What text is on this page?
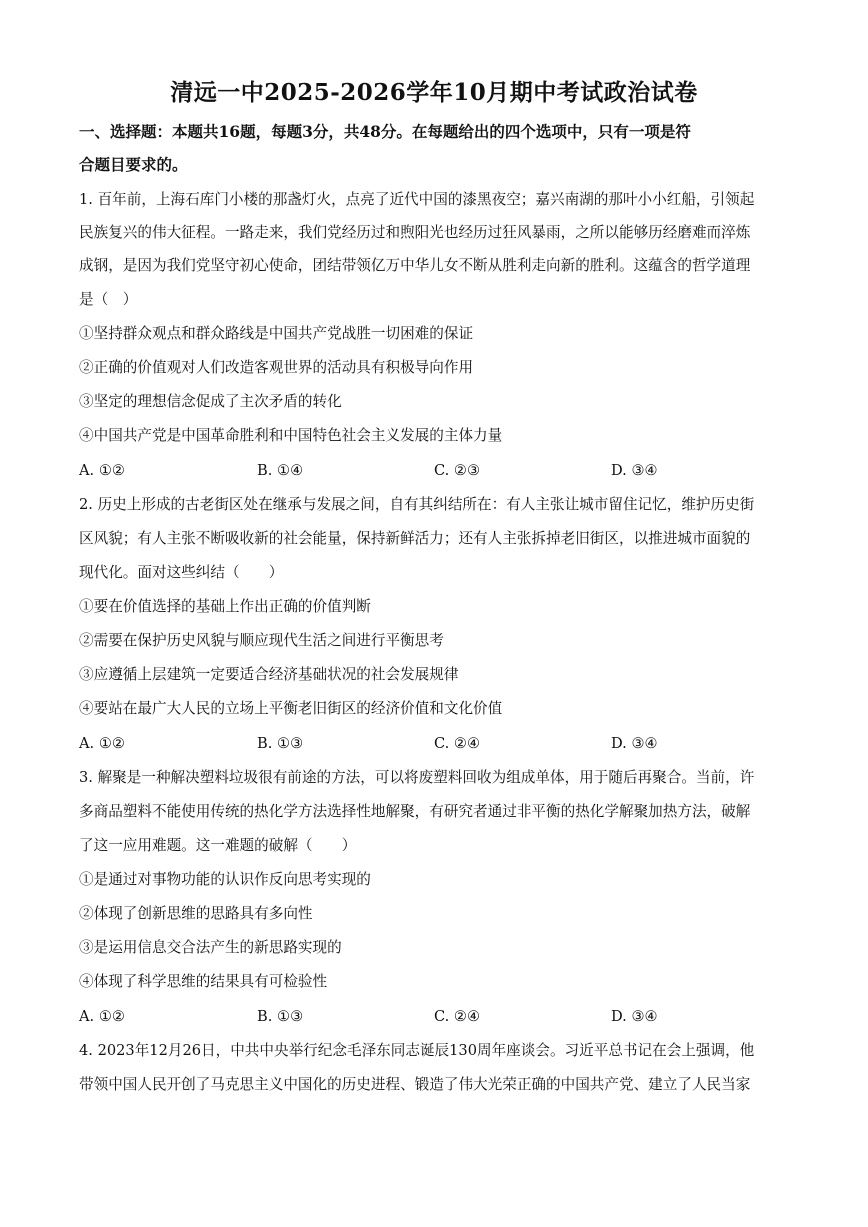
清远一中2025-2026学年10月期中考试政治试卷
一、选择题：本题共16题，每题3分，共48分。在每题给出的四个选项中，只有一项是符
合题目要求的。
1. 百年前，上海石库门小楼的那盏灯火，点亮了近代中国的漆黑夜空；嘉兴南湖的那叶小小红船，引领起
民族复兴的伟大征程。一路走来，我们党经历过和煦阳光也经历过狂风暴雨，之所以能够历经磨难而淬炼
成钢，是因为我们党坚守初心使命，团结带领亿万中华儿女不断从胜利走向新的胜利。这蕴含的哲学道理
是（　）
①坚持群众观点和群众路线是中国共产党战胜一切困难的保证
②正确的价值观对人们改造客观世界的活动具有积极导向作用
③坚定的理想信念促成了主次矛盾的转化
④中国共产党是中国革命胜利和中国特色社会主义发展的主体力量
A. ①②	B. ①④	C. ②③	D. ③④
2. 历史上形成的古老街区处在继承与发展之间，自有其纠结所在：有人主张让城市留住记忆，维护历史街
区风貌；有人主张不断吸收新的社会能量，保持新鲜活力；还有人主张拆掉老旧街区，以推进城市面貌的
现代化。面对这些纠结（　　）
①要在价值选择的基础上作出正确的价值判断
②需要在保护历史风貌与顺应现代生活之间进行平衡思考
③应遵循上层建筑一定要适合经济基础状况的社会发展规律
④要站在最广大人民的立场上平衡老旧街区的经济价值和文化价值
A. ①②	B. ①③	C. ②④	D. ③④
3. 解聚是一种解决塑料垃圾很有前途的方法，可以将废塑料回收为组成单体，用于随后再聚合。当前，许
多商品塑料不能使用传统的热化学方法选择性地解聚，有研究者通过非平衡的热化学解聚加热方法，破解
了这一应用难题。这一难题的破解（　　）
①是通过对事物功能的认识作反向思考实现的
②体现了创新思维的思路具有多向性
③是运用信息交合法产生的新思路实现的
④体现了科学思维的结果具有可检验性
A. ①②	B. ①③	C. ②④	D. ③④
4. 2023年12月26日，中共中央举行纪念毛泽东同志诞辰130周年座谈会。习近平总书记在会上强调，他
带领中国人民开创了马克思主义中国化的历史进程、锻造了伟大光荣正确的中国共产党、建立了人民当家
